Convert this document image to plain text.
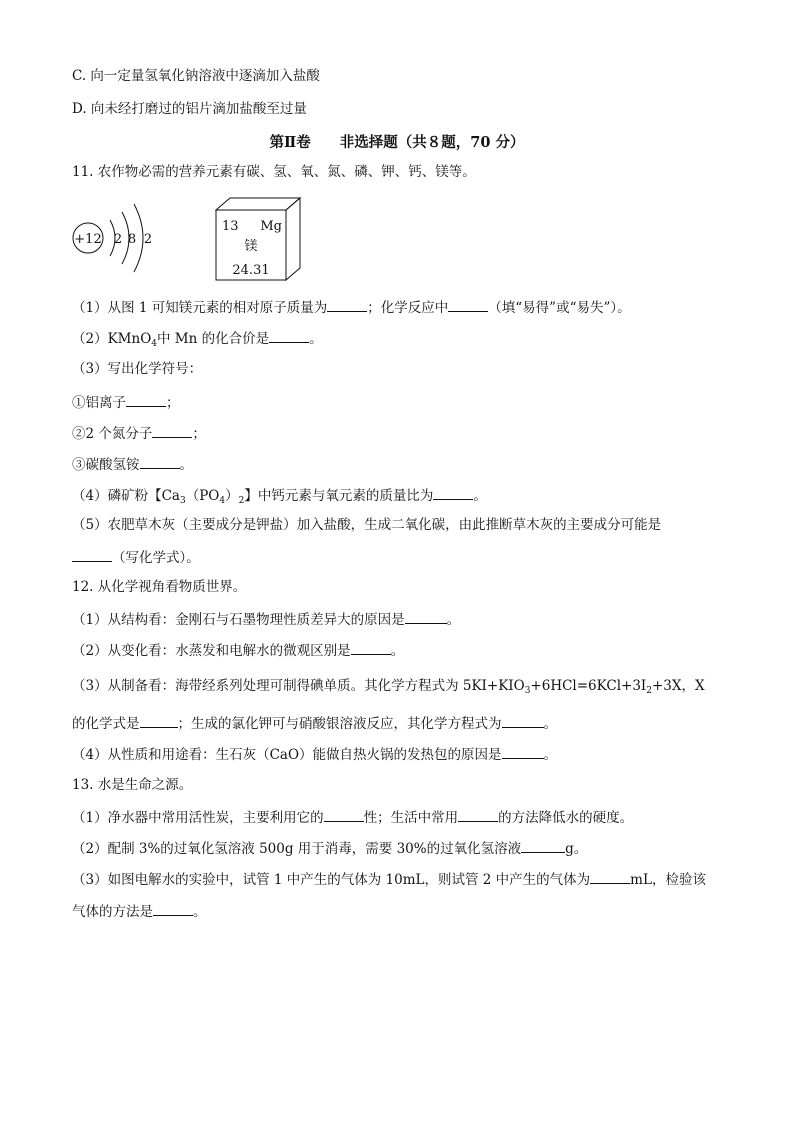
C. 向一定量氢氧化钠溶液中逐滴加入盐酸
D. 向未经打磨过的铝片滴加盐酸至过量
第Ⅱ卷　　非选择题（共８题，70 分）
11. 农作物必需的营养元素有碳、氢、氧、氮、磷、钾、钙、镁等。
+12 2 8 2
13 Mg
镁
24.31
（1）从图 1 可知镁元素的相对原子质量为	；化学反应中	（填“易得”或“易失”）。
（2）KMnO$_4$中 Mn 的化合价是	。
（3）写出化学符号：
①铝离子	；
②2 个氮分子	；
③碳酸氢铵	。
（4）磷矿粉【$Ca_3(PO_4)_2$】中钙元素与氧元素的质量比为	。
（5）农肥草木灰（主要成分是钾盐）加入盐酸，生成二氧化碳，由此推断草木灰的主要成分可能是
（写化学式）。
12. 从化学视角看物质世界。
（1）从结构看：金刚石与石墨物理性质差异大的原因是	。
（2）从变化看：水蒸发和电解水的微观区别是	。
（3）从制备看：海带经系列处理可制得碘单质。其化学方程式为 $5KI+KIO_3+6HCl=6KCl+3I_2+3X$，X
的化学式是	；生成的氯化钾可与硝酸银溶液反应，其化学方程式为	。
（4）从性质和用途看：生石灰（CaO）能做自热火锅的发热包的原因是	。
13. 水是生命之源。
（1）净水器中常用活性炭，主要利用它的	性；生活中常用	的方法降低水的硬度。
（2）配制 3%的过氧化氢溶液 500g 用于消毒，需要 30%的过氧化氢溶液	g。
（3）如图电解水的实验中，试管 1 中产生的气体为 10mL，则试管 2 中产生的气体为	mL，检验该
气体的方法是	。
